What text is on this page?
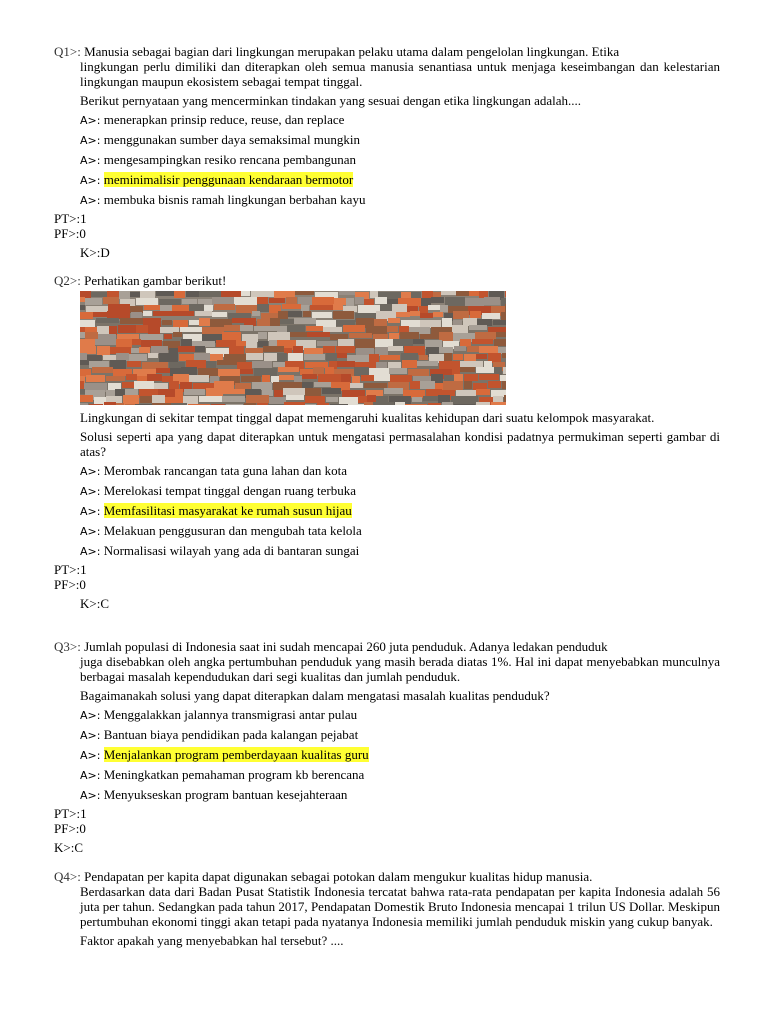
Q1>: Manusia sebagai bagian dari lingkungan merupakan pelaku utama dalam pengelolan lingkungan. Etika
lingkungan perlu dimiliki dan diterapkan oleh semua manusia senantiasa untuk menjaga keseimbangan dan kelestarian lingkungan maupun ekosistem sebagai tempat tinggal.
Berikut pernyataan yang mencerminkan tindakan yang sesuai dengan etika lingkungan adalah....
A>: menerapkan prinsip reduce, reuse, dan replace
A>: menggunakan sumber daya semaksimal mungkin
A>: mengesampingkan resiko rencana pembangunan
A>: meminimalisir penggunaan kendaraan bermotor
A>: membuka bisnis ramah lingkungan berbahan kayu
PT>:1
PF>:0
K>:D
Q2>: Perhatikan gambar berikut!
Lingkungan di sekitar tempat tinggal dapat memengaruhi kualitas kehidupan dari suatu kelompok masyarakat.
Solusi seperti apa yang dapat diterapkan untuk mengatasi permasalahan kondisi padatnya permukiman seperti gambar di atas?
A>: Merombak rancangan tata guna lahan dan kota
A>: Merelokasi tempat tinggal dengan ruang terbuka
A>: Memfasilitasi masyarakat ke rumah susun hijau
A>: Melakuan penggusuran dan mengubah tata kelola
A>: Normalisasi wilayah yang ada di bantaran sungai
PT>:1
PF>:0
K>:C
Q3>: Jumlah populasi di Indonesia saat ini sudah mencapai 260 juta penduduk. Adanya ledakan penduduk
juga disebabkan oleh angka pertumbuhan penduduk yang masih berada diatas 1%. Hal ini dapat menyebabkan munculnya berbagai masalah kependudukan dari segi kualitas dan jumlah penduduk.
Bagaimanakah solusi yang dapat diterapkan dalam mengatasi masalah kualitas penduduk?
A>: Menggalakkan jalannya transmigrasi antar pulau
A>: Bantuan biaya pendidikan pada kalangan pejabat
A>: Menjalankan program pemberdayaan kualitas guru
A>: Meningkatkan pemahaman program kb berencana
A>: Menyukseskan program bantuan kesejahteraan
PT>:1
PF>:0
K>:C
Q4>: Pendapatan per kapita dapat digunakan sebagai potokan dalam mengukur kualitas hidup manusia.
Berdasarkan data dari Badan Pusat Statistik Indonesia tercatat bahwa rata-rata pendapatan per kapita Indonesia adalah 56 juta per tahun. Sedangkan pada tahun 2017, Pendapatan Domestik Bruto Indonesia mencapai 1 trilun US Dollar. Meskipun pertumbuhan ekonomi tinggi akan tetapi pada nyatanya Indonesia memiliki jumlah penduduk miskin yang cukup banyak.
Faktor apakah yang menyebabkan hal tersebut? ....
